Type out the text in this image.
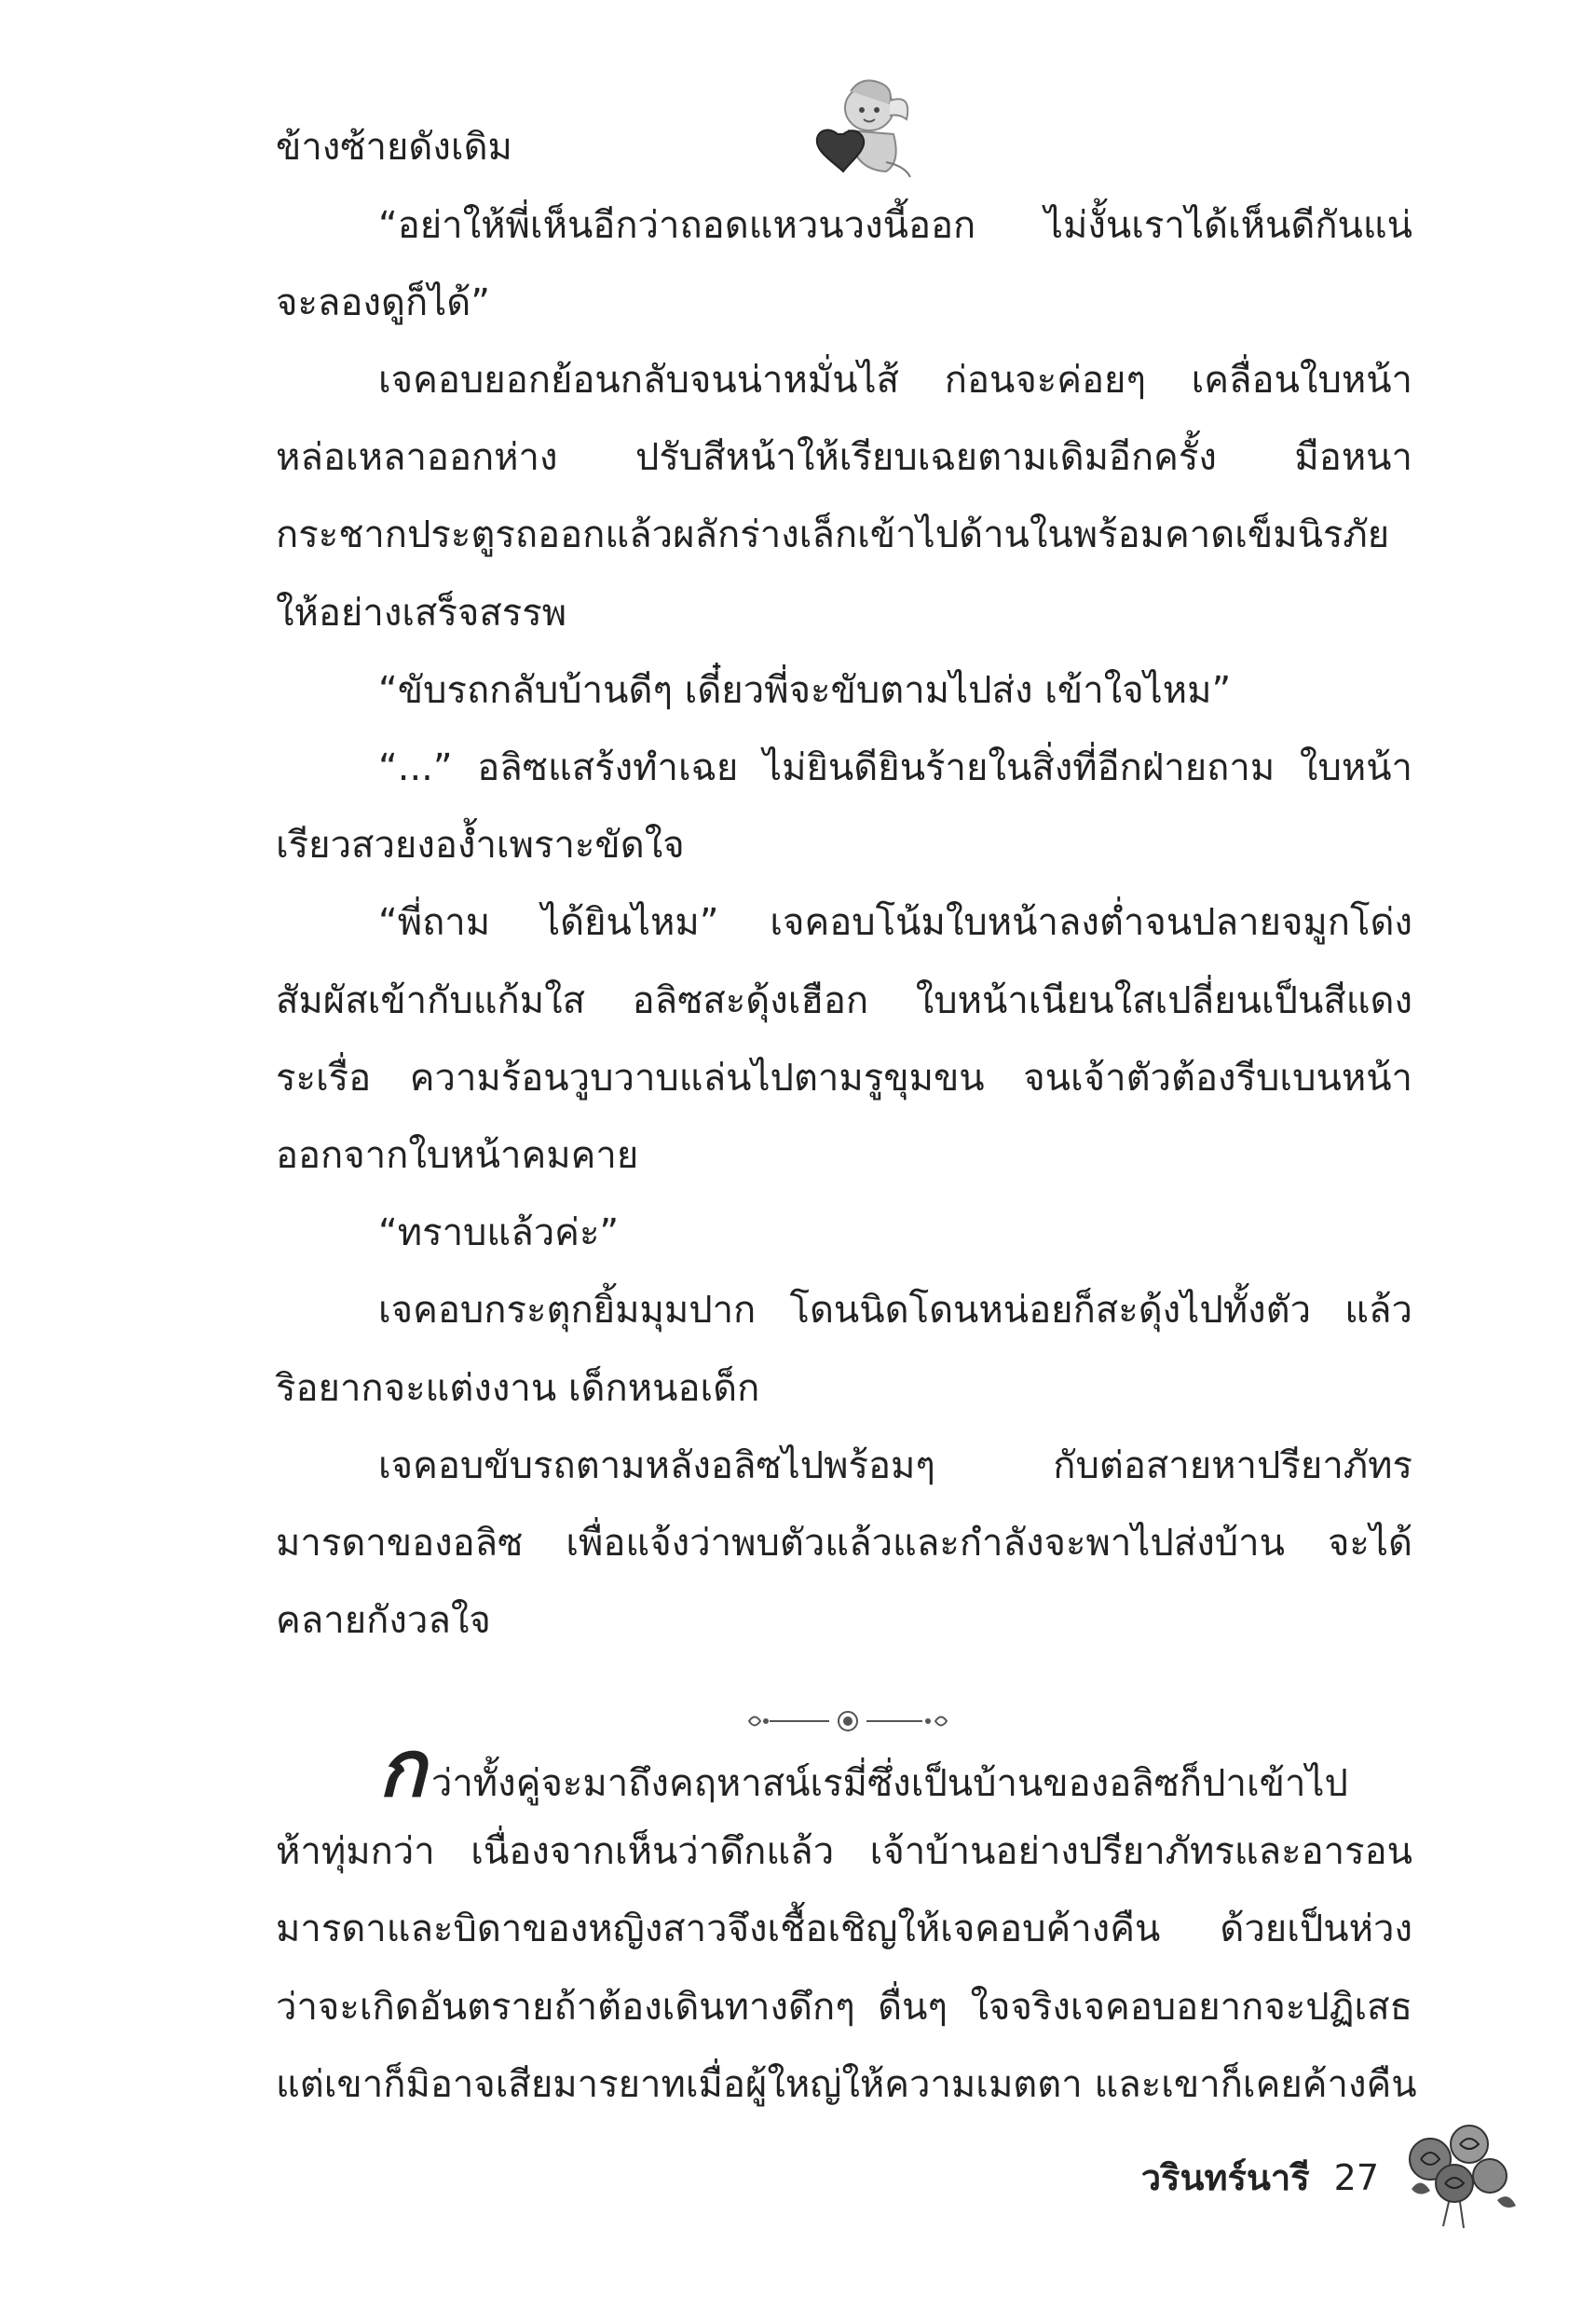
ข้างซ้ายดังเดิม
“อย่าให้พี่เห็นอีกว่าถอดแหวนวงนี้ออก ไม่งั้นเราได้เห็นดีกันแน่
จะลองดูก็ได้”
เจคอบยอกย้อนกลับจนน่าหมั่นไส้ ก่อนจะค่อยๆ เคลื่อนใบหน้า
หล่อเหลาออกห่าง ปรับสีหน้าให้เรียบเฉยตามเดิมอีกครั้ง มือหนา
กระชากประตูรถออกแล้วผลักร่างเล็กเข้าไปด้านในพร้อมคาดเข็มนิรภัย
ให้อย่างเสร็จสรรพ
“ขับรถกลับบ้านดีๆ เดี๋ยวพี่จะขับตามไปส่ง เข้าใจไหม”
“...” อลิซแสร้งทำเฉย ไม่ยินดียินร้ายในสิ่งที่อีกฝ่ายถาม ใบหน้า
เรียวสวยงอง้ำเพราะขัดใจ
“พี่ถาม ได้ยินไหม” เจคอบโน้มใบหน้าลงต่ำจนปลายจมูกโด่ง
สัมผัสเข้ากับแก้มใส อลิซสะดุ้งเฮือก ใบหน้าเนียนใสเปลี่ยนเป็นสีแดง
ระเรื่อ ความร้อนวูบวาบแล่นไปตามรูขุมขน จนเจ้าตัวต้องรีบเบนหน้า
ออกจากใบหน้าคมคาย
“ทราบแล้วค่ะ”
เจคอบกระตุกยิ้มมุมปาก โดนนิดโดนหน่อยก็สะดุ้งไปทั้งตัว แล้ว
ริอยากจะแต่งงาน เด็กหนอเด็ก
เจคอบขับรถตามหลังอลิซไปพร้อมๆ กับต่อสายหาปรียาภัทร
มารดาของอลิซ เพื่อแจ้งว่าพบตัวแล้วและกำลังจะพาไปส่งบ้าน จะได้
คลายกังวลใจ
กว่าทั้งคู่จะมาถึงคฤหาสน์เรมี่ซึ่งเป็นบ้านของอลิซก็ปาเข้าไป
ห้าทุ่มกว่า เนื่องจากเห็นว่าดึกแล้ว เจ้าบ้านอย่างปรียาภัทรและอารอน
มารดาและบิดาของหญิงสาวจึงเชื้อเชิญให้เจคอบค้างคืน ด้วยเป็นห่วง
ว่าจะเกิดอันตรายถ้าต้องเดินทางดึกๆ ดื่นๆ ใจจริงเจคอบอยากจะปฏิเสธ
แต่เขาก็มิอาจเสียมารยาทเมื่อผู้ใหญ่ให้ความเมตตา และเขาก็เคยค้างคืน
วรินทร์นารี 27
